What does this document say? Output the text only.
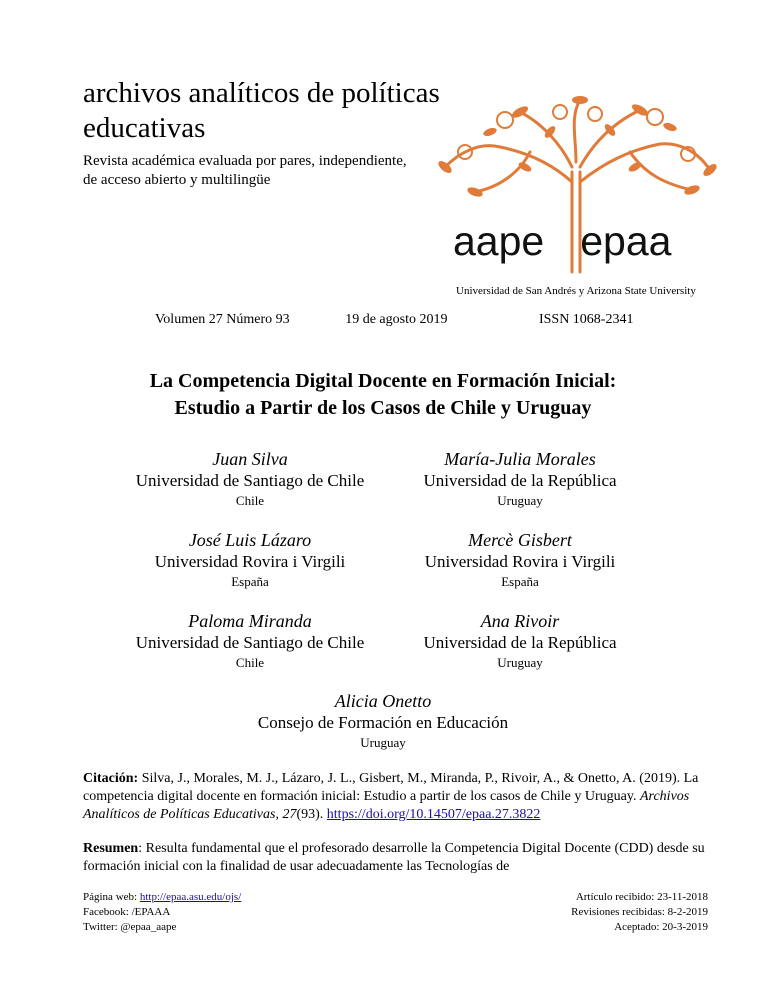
archivos analíticos de políticas educativas
Revista académica evaluada por pares, independiente, de acceso abierto y multilingüe
aape epaa
Universidad de San Andrés y Arizona State University
Volumen 27 Número 93	19 de agosto 2019	ISSN 1068-2341
La Competencia Digital Docente en Formación Inicial:
Estudio a Partir de los Casos de Chile y Uruguay
Juan Silva
Universidad de Santiago de Chile
Chile
María-Julia Morales
Universidad de la República
Uruguay
José Luis Lázaro
Universidad Rovira i Virgili
España
Mercè Gisbert
Universidad Rovira i Virgili
España
Paloma Miranda
Universidad de Santiago de Chile
Chile
Ana Rivoir
Universidad de la República
Uruguay
Alicia Onetto
Consejo de Formación en Educación
Uruguay
Citación: Silva, J., Morales, M. J., Lázaro, J. L., Gisbert, M., Miranda, P., Rivoir, A., & Onetto, A. (2019). La competencia digital docente en formación inicial: Estudio a partir de los casos de Chile y Uruguay. Archivos Analíticos de Políticas Educativas, 27(93). https://doi.org/10.14507/epaa.27.3822
Resumen: Resulta fundamental que el profesorado desarrolle la Competencia Digital Docente (CDD) desde su formación inicial con la finalidad de usar adecuadamente las Tecnologías de
Página web: http://epaa.asu.edu/ojs/
Facebook: /EPAAA
Twitter: @epaa_aape
Artículo recibido: 23-11-2018
Revisiones recibidas: 8-2-2019
Aceptado: 20-3-2019
